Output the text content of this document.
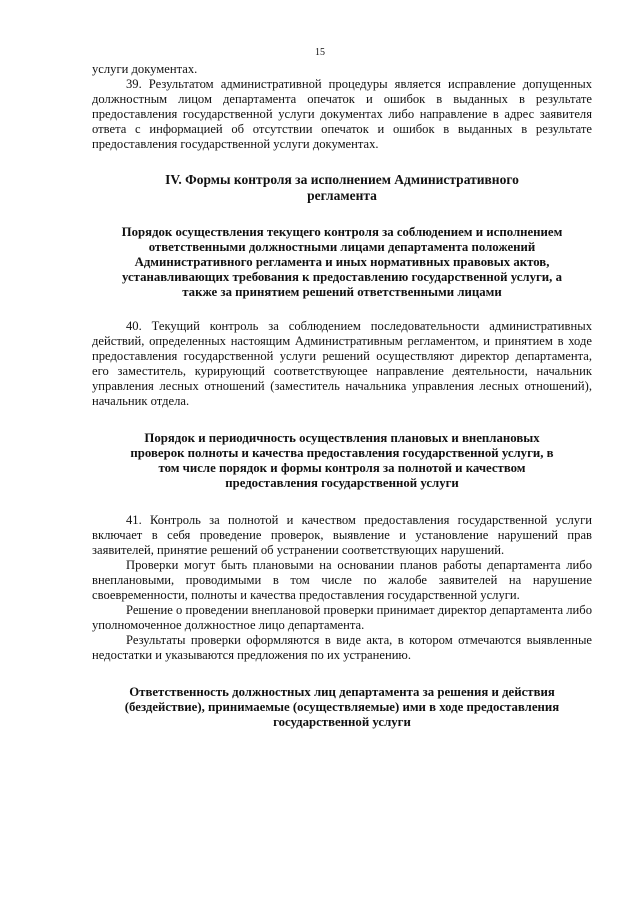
15

услуги документах.

39. Результатом административной процедуры является исправление допущенных должностным лицом департамента опечаток и ошибок в выданных в результате предоставления государственной услуги документах либо направление в адрес заявителя ответа с информацией об отсутствии опечаток и ошибок в выданных в результате предоставления государственной услуги документах.

IV. Формы контроля за исполнением Административного регламента
Порядок осуществления текущего контроля за соблюдением и исполнением ответственными должностными лицами департамента положений Административного регламента и иных нормативных правовых актов, устанавливающих требования к предоставлению государственной услуги, а также за принятием решений ответственными лицами

40. Текущий контроль за соблюдением последовательности административных действий, определенных настоящим Административным регламентом, и принятием в ходе предоставления государственной услуги решений осуществляют директор департамента, его заместитель, курирующий соответствующее направление деятельности, начальник управления лесных отношений (заместитель начальника управления лесных отношений), начальник отдела.

Порядок и периодичность осуществления плановых и внеплановых проверок полноты и качества предоставления государственной услуги, в том числе порядок и формы контроля за полнотой и качеством предоставления государственной услуги

41. Контроль за полнотой и качеством предоставления государственной услуги включает в себя проведение проверок, выявление и установление нарушений прав заявителей, принятие решений об устранении соответствующих нарушений.

Проверки могут быть плановыми на основании планов работы департамента либо внеплановыми, проводимыми в том числе по жалобе заявителей на нарушение своевременности, полноты и качества предоставления государственной услуги.

Решение о проведении внеплановой проверки принимает директор департамента либо уполномоченное должностное лицо департамента.

Результаты проверки оформляются в виде акта, в котором отмечаются выявленные недостатки и указываются предложения по их устранению.

Ответственность должностных лиц департамента за решения и действия (бездействие), принимаемые (осуществляемые) ими в ходе предоставления государственной услуги
